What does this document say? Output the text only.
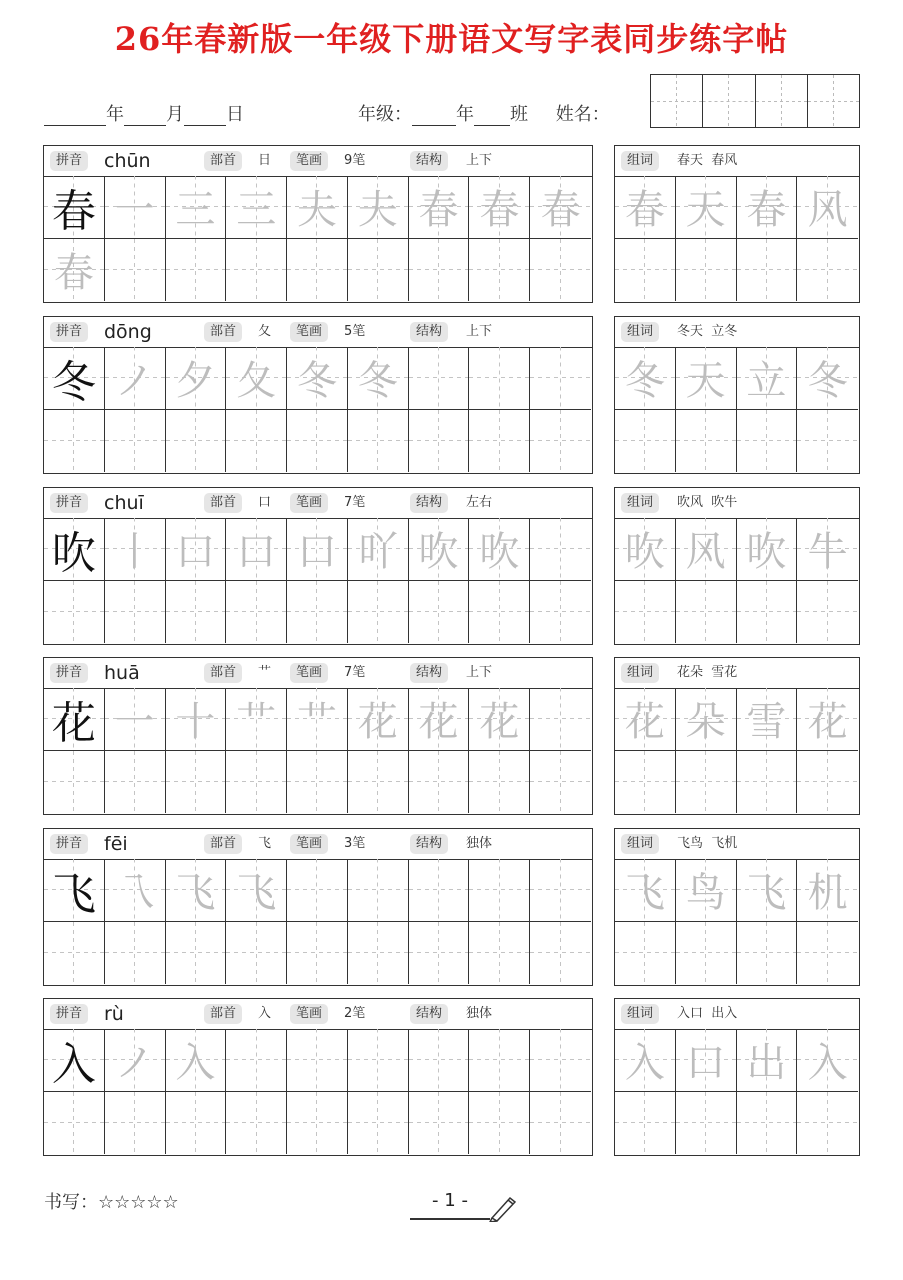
26年春新版一年级下册语文写字表同步练字帖
年 月 日	年级： 年 班 姓名：
拼音	chūn	部首	日	笔画	9笔	结构	上下
春 一 三 三 夫 夫 春 春 春
春
组词	春天  春风
春 天 春 风
拼音	dōng	部首	夂	笔画	5笔	结构	上下
冬 ノ 夕 夂 冬 冬
组词	冬天  立冬
冬 天 立 冬
拼音	chuī	部首	口	笔画	7笔	结构	左右
吹 丨 口 口 口 吖 吹 吹
组词	吹风  吹牛
吹 风 吹 牛
拼音	huā	部首	艹	笔画	7笔	结构	上下
花 一 十 艹 艹 花 花 花
组词	花朵  雪花
花 朵 雪 花
拼音	fēi	部首	飞	笔画	3笔	结构	独体
飞 乁 飞 飞
组词	飞鸟  飞机
飞 鸟 飞 机
拼音	rù	部首	入	笔画	2笔	结构	独体
入 ノ 入
组词	入口  出入
入 口 出 入
书写：☆☆☆☆☆	- 1 -
